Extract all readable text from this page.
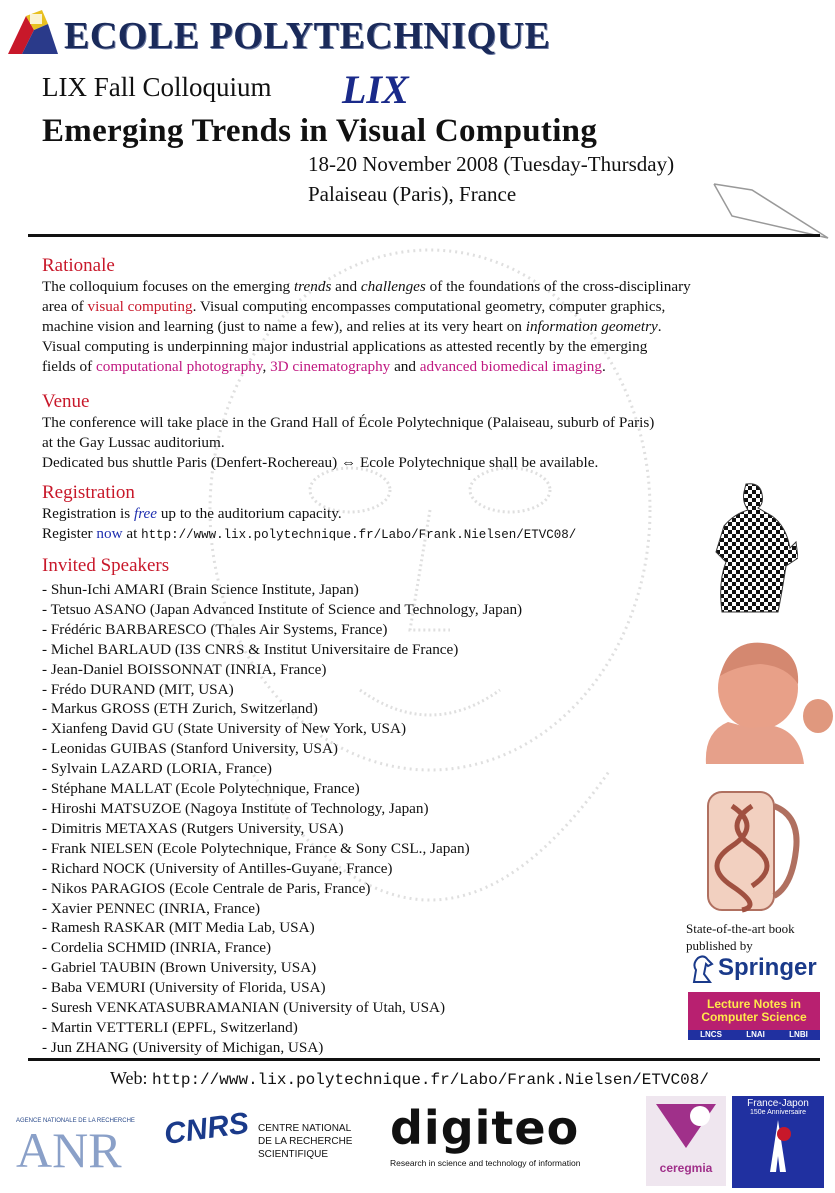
ECOLE POLYTECHNIQUE
LIX Fall Colloquium LIX
Emerging Trends in Visual Computing
18-20 November 2008 (Tuesday-Thursday)
Palaiseau (Paris), France
Rationale
The colloquium focuses on the emerging trends and challenges of the foundations of the cross-disciplinary
area of visual computing. Visual computing encompasses computational geometry, computer graphics,
machine vision and learning (just to name a few), and relies at its very heart on information geometry.
Visual computing is underpinning major industrial applications as attested recently by the emerging
fields of computational photography, 3D cinematography and advanced biomedical imaging.
Venue
The conference will take place in the Grand Hall of École Polytechnique (Palaiseau, suburb of Paris)
at the Gay Lussac auditorium.
Dedicated bus shuttle Paris (Denfert-Rochereau) ⇔ Ecole Polytechnique shall be available.
Registration
Registration is free up to the auditorium capacity.
Register now at http://www.lix.polytechnique.fr/Labo/Frank.Nielsen/ETVC08/
Invited Speakers
- Shun-Ichi AMARI (Brain Science Institute, Japan)
- Tetsuo ASANO (Japan Advanced Institute of Science and Technology, Japan)
- Frédéric BARBARESCO (Thales Air Systems, France)
- Michel BARLAUD (I3S CNRS & Institut Universitaire de France)
- Jean-Daniel BOISSONNAT (INRIA, France)
- Frédo DURAND (MIT, USA)
- Markus GROSS (ETH Zurich, Switzerland)
- Xianfeng David GU (State University of New York, USA)
- Leonidas GUIBAS (Stanford University, USA)
- Sylvain LAZARD (LORIA, France)
- Stéphane MALLAT (Ecole Polytechnique, France)
- Hiroshi MATSUZOE (Nagoya Institute of Technology, Japan)
- Dimitris METAXAS (Rutgers University, USA)
- Frank NIELSEN (Ecole Polytechnique, France & Sony CSL., Japan)
- Richard NOCK (University of Antilles-Guyane, France)
- Nikos PARAGIOS (Ecole Centrale de Paris, France)
- Xavier PENNEC (INRIA, France)
- Ramesh RASKAR (MIT Media Lab, USA)
- Cordelia SCHMID (INRIA, France)
- Gabriel TAUBIN (Brown University, USA)
- Baba VEMURI (University of Florida, USA)
- Suresh VENKATASUBRAMANIAN (University of Utah, USA)
- Martin VETTERLI (EPFL, Switzerland)
- Jun ZHANG (University of Michigan, USA)
State-of-the-art book
published by
Springer
Lecture Notes in
Computer Science
LNCS	LNAI	LNBI
Web: http://www.lix.polytechnique.fr/Labo/Frank.Nielsen/ETVC08/
AGENCE NATIONALE DE LA RECHERCHE
ANR	CNRS CENTRE NATIONAL
DE LA RECHERCHE
SCIENTIFIQUE	digiteo
Research in science and technology of information	ceregmia
France-Japon
150e Anniversaire
